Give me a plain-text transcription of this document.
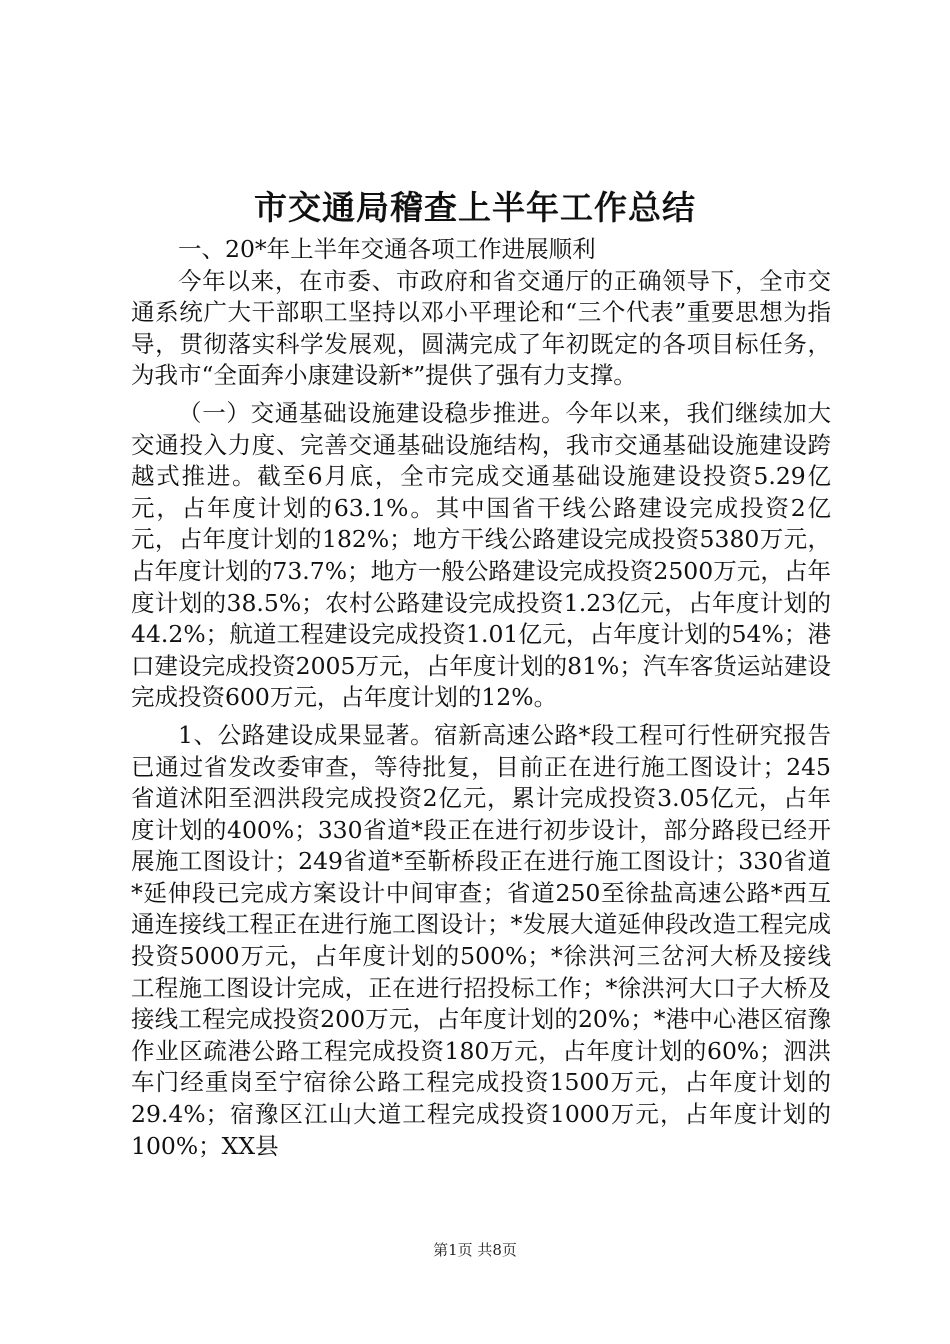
市交通局稽查上半年工作总结

一、20*年上半年交通各项工作进展顺利

今年以来，在市委、市政府和省交通厅的正确领导下，全市交通系统广大干部职工坚持以邓小平理论和“三个代表”重要思想为指导，贯彻落实科学发展观，圆满完成了年初既定的各项目标任务，为我市“全面奔小康建设新*”提供了强有力支撑。

（一）交通基础设施建设稳步推进。今年以来，我们继续加大交通投入力度、完善交通基础设施结构，我市交通基础设施建设跨越式推进。截至6月底，全市完成交通基础设施建设投资5.29亿元，占年度计划的63.1%。其中国省干线公路建设完成投资2亿元，占年度计划的182%；地方干线公路建设完成投资5380万元，占年度计划的73.7%；地方一般公路建设完成投资2500万元，占年度计划的38.5%；农村公路建设完成投资1.23亿元，占年度计划的44.2%；航道工程建设完成投资1.01亿元，占年度计划的54%；港口建设完成投资2005万元，占年度计划的81%；汽车客货运站建设完成投资600万元，占年度计划的12%。

1、公路建设成果显著。宿新高速公路*段工程可行性研究报告已通过省发改委审查，等待批复，目前正在进行施工图设计；245省道沭阳至泗洪段完成投资2亿元，累计完成投资3.05亿元，占年度计划的400%；330省道*段正在进行初步设计，部分路段已经开展施工图设计；249省道*至靳桥段正在进行施工图设计；330省道*延伸段已完成方案设计中间审查；省道250至徐盐高速公路*西互通连接线工程正在进行施工图设计；*发展大道延伸段改造工程完成投资5000万元，占年度计划的500%；*徐洪河三岔河大桥及接线工程施工图设计完成，正在进行招投标工作；*徐洪河大口子大桥及接线工程完成投资200万元，占年度计划的20%；*港中心港区宿豫作业区疏港公路工程完成投资180万元，占年度计划的60%；泗洪车门经重岗至宁宿徐公路工程完成投资1500万元，占年度计划的29.4%；宿豫区江山大道工程完成投资1000万元，占年度计划的100%；XX县

第1页 共8页
